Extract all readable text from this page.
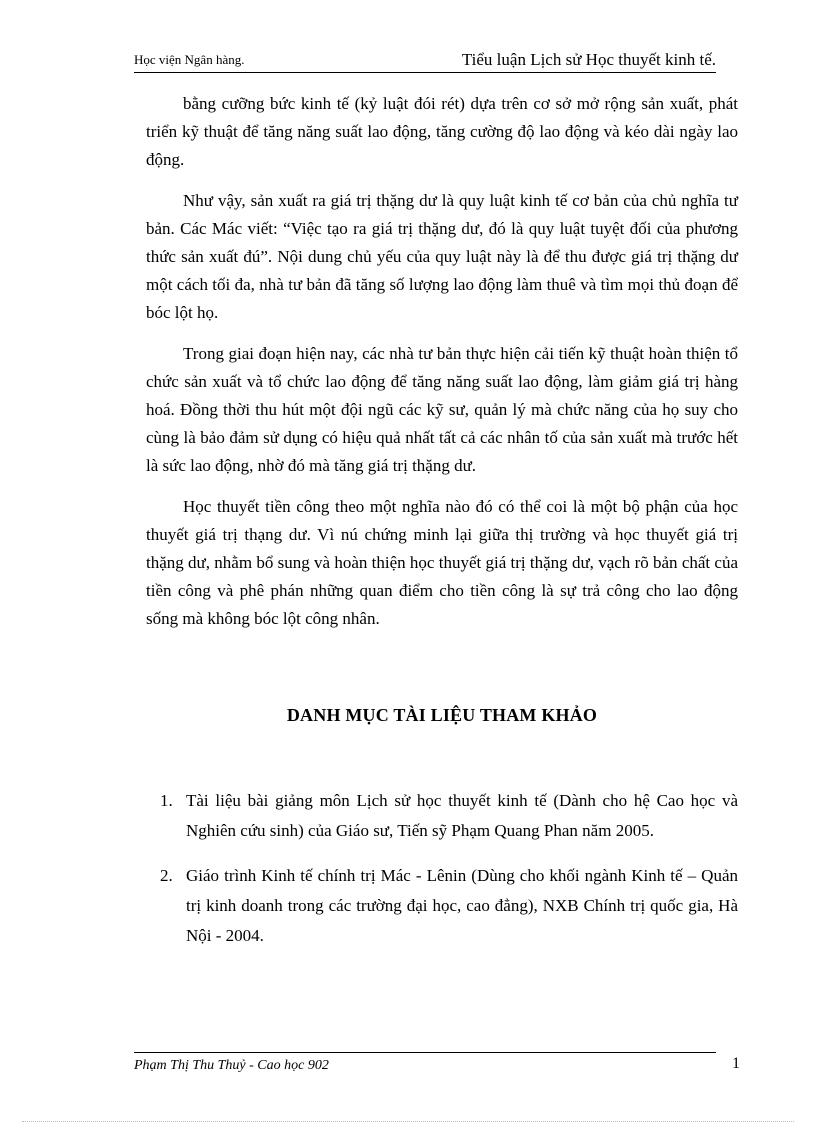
Học viện Ngân hàng.	Tiểu luận Lịch sử Học thuyết kinh tế.

bằng cưỡng bức kinh tế (kỷ luật đói rét) dựa trên cơ sở mở rộng sản xuất, phát triển kỹ thuật để tăng năng suất lao động, tăng cường độ lao động và kéo dài ngày lao động.

Như vậy, sản xuất ra giá trị thặng dư là quy luật kinh tế cơ bản của chủ nghĩa tư bản. Các Mác viết: “Việc tạo ra giá trị thặng dư, đó là quy luật tuyệt đối của phương thức sản xuất đú”. Nội dung chủ yếu của quy luật này là để thu được giá trị thặng dư một cách tối đa, nhà tư bản đã tăng số lượng lao động làm thuê và tìm mọi thủ đoạn để bóc lột họ.

Trong giai đoạn hiện nay, các nhà tư bản thực hiện cải tiến kỹ thuật hoàn thiện tổ chức sản xuất và tổ chức lao động để tăng năng suất lao động, làm giảm giá trị hàng hoá. Đồng thời thu hút một đội ngũ các kỹ sư, quản lý mà chức năng của họ suy cho cùng là bảo đảm sử dụng có hiệu quả nhất tất cả các nhân tố của sản xuất mà trước hết là sức lao động, nhờ đó mà tăng giá trị thặng dư.

Học thuyết tiền công theo một nghĩa nào đó có thể coi là một bộ phận của học thuyết giá trị thạng dư. Vì nú chứng minh lại giữa thị trường và học thuyết giá trị thặng dư, nhằm bổ sung và hoàn thiện học thuyết giá trị thặng dư, vạch rõ bản chất của tiền công và phê phán những quan điểm cho tiền công là sự trả công cho lao động sống mà không bóc lột công nhân.

DANH MỤC TÀI LIỆU THAM KHẢO
1. Tài liệu bài giảng môn Lịch sử học thuyết kinh tế (Dành cho hệ Cao học và Nghiên cứu sinh) của Giáo sư, Tiến sỹ Phạm Quang Phan năm 2005.
2. Giáo trình Kinh tế chính trị Mác - Lênin (Dùng cho khối ngành Kinh tế – Quản trị kinh doanh trong các trường đại học, cao đẳng), NXB Chính trị quốc gia, Hà Nội - 2004.
Phạm Thị Thu Thuỷ - Cao học 902	1
